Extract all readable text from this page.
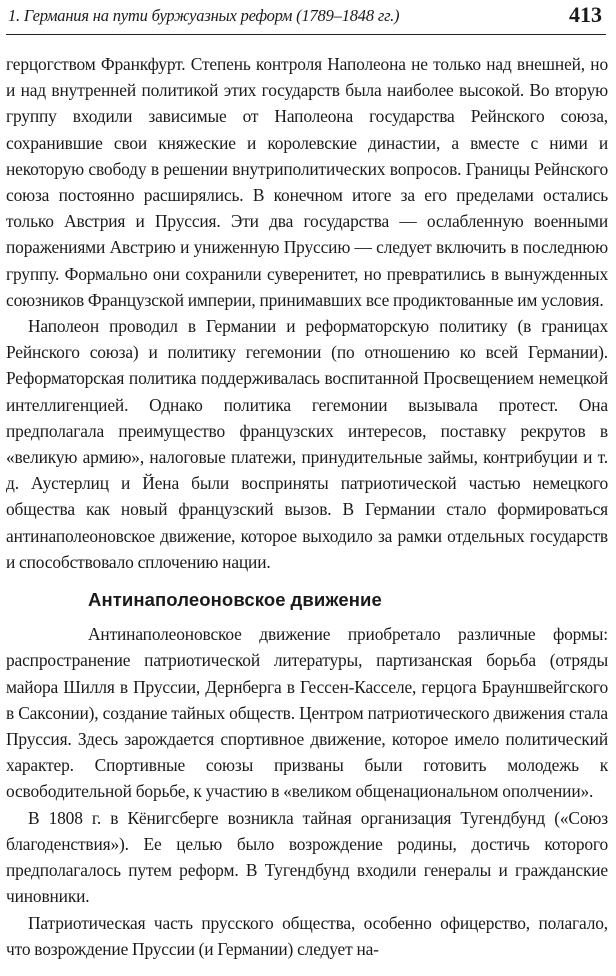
1. Германия на пути буржуазных реформ (1789–1848 гг.)	413

герцогством Франкфурт. Степень контроля Наполеона не только над внешней, но и над внутренней политикой этих государств была наиболее высокой. Во вторую группу входили зависимые от Наполеона государства Рейнского союза, сохранившие свои княжеские и королевские династии, а вместе с ними и некоторую свободу в решении внутриполитических вопросов. Границы Рейнского союза постоянно расширялись. В конечном итоге за его пределами остались только Австрия и Пруссия. Эти два государства — ослабленную военными поражениями Австрию и униженную Пруссию — следует включить в последнюю группу. Формально они сохранили суверенитет, но превратились в вынужденных союзников Французской империи, принимавших все продиктованные им условия.

Наполеон проводил в Германии и реформаторскую политику (в границах Рейнского союза) и политику гегемонии (по отношению ко всей Германии). Реформаторская политика поддерживалась воспитанной Просвещением немецкой интеллигенцией. Однако политика гегемонии вызывала протест. Она предполагала преимущество французских интересов, поставку рекрутов в «великую армию», налоговые платежи, принудительные займы, контрибуции и т. д. Аустерлиц и Йена были восприняты патриотической частью немецкого общества как новый французский вызов. В Германии стало формироваться антинаполеоновское движение, которое выходило за рамки отдельных государств и способствовало сплочению нации.

Антинаполеоновское движение

Антинаполеоновское движение приобретало различные формы: распространение патриотической литературы, партизанская борьба (отряды майора Шилля в Пруссии, Дернберга в Гессен-Касселе, герцога Брауншвейгского в Саксонии), создание тайных обществ. Центром патриотического движения стала Пруссия. Здесь зарождается спортивное движение, которое имело политический характер. Спортивные союзы призваны были готовить молодежь к освободительной борьбе, к участию в «великом общенациональном ополчении».

В 1808 г. в Кёнигсберге возникла тайная организация Тугендбунд («Союз благоденствия»). Ее целью было возрождение родины, достичь которого предполагалось путем реформ. В Тугендбунд входили генералы и гражданские чиновники.

Патриотическая часть прусского общества, особенно офицерство, полагало, что возрождение Пруссии (и Германии) следует на-
